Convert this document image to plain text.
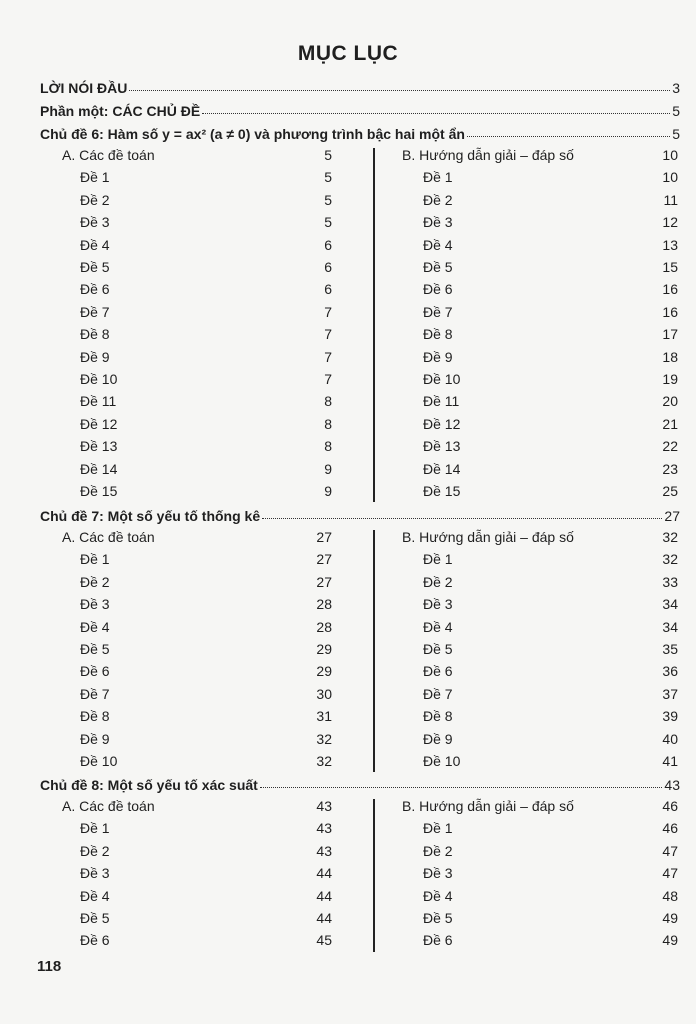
MỤC LỤC
LỜI NÓI ĐẦU	3
Phần một: CÁC CHỦ ĐỀ	5
Chủ đề 6: Hàm số y = ax² (a ≠ 0) và phương trình bậc hai một ẩn	5
A. Các đề toán	5
Đề 1	5
Đề 2	5
Đề 3	5
Đề 4	6
Đề 5	6
Đề 6	6
Đề 7	7
Đề 8	7
Đề 9	7
Đề 10	7
Đề 11	8
Đề 12	8
Đề 13	8
Đề 14	9
Đề 15	9
B. Hướng dẫn giải – đáp số	10
Đề 1	10
Đề 2	11
Đề 3	12
Đề 4	13
Đề 5	15
Đề 6	16
Đề 7	16
Đề 8	17
Đề 9	18
Đề 10	19
Đề 11	20
Đề 12	21
Đề 13	22
Đề 14	23
Đề 15	25
Chủ đề 7: Một số yếu tố thống kê	27
A. Các đề toán	27
Đề 1	27
Đề 2	27
Đề 3	28
Đề 4	28
Đề 5	29
Đề 6	29
Đề 7	30
Đề 8	31
Đề 9	32
Đề 10	32
B. Hướng dẫn giải – đáp số	32
Đề 1	32
Đề 2	33
Đề 3	34
Đề 4	34
Đề 5	35
Đề 6	36
Đề 7	37
Đề 8	39
Đề 9	40
Đề 10	41
Chủ đề 8: Một số yếu tố xác suất	43
A. Các đề toán	43
Đề 1	43
Đề 2	43
Đề 3	44
Đề 4	44
Đề 5	44
Đề 6	45
B. Hướng dẫn giải – đáp số	46
Đề 1	46
Đề 2	47
Đề 3	47
Đề 4	48
Đề 5	49
Đề 6	49
118
